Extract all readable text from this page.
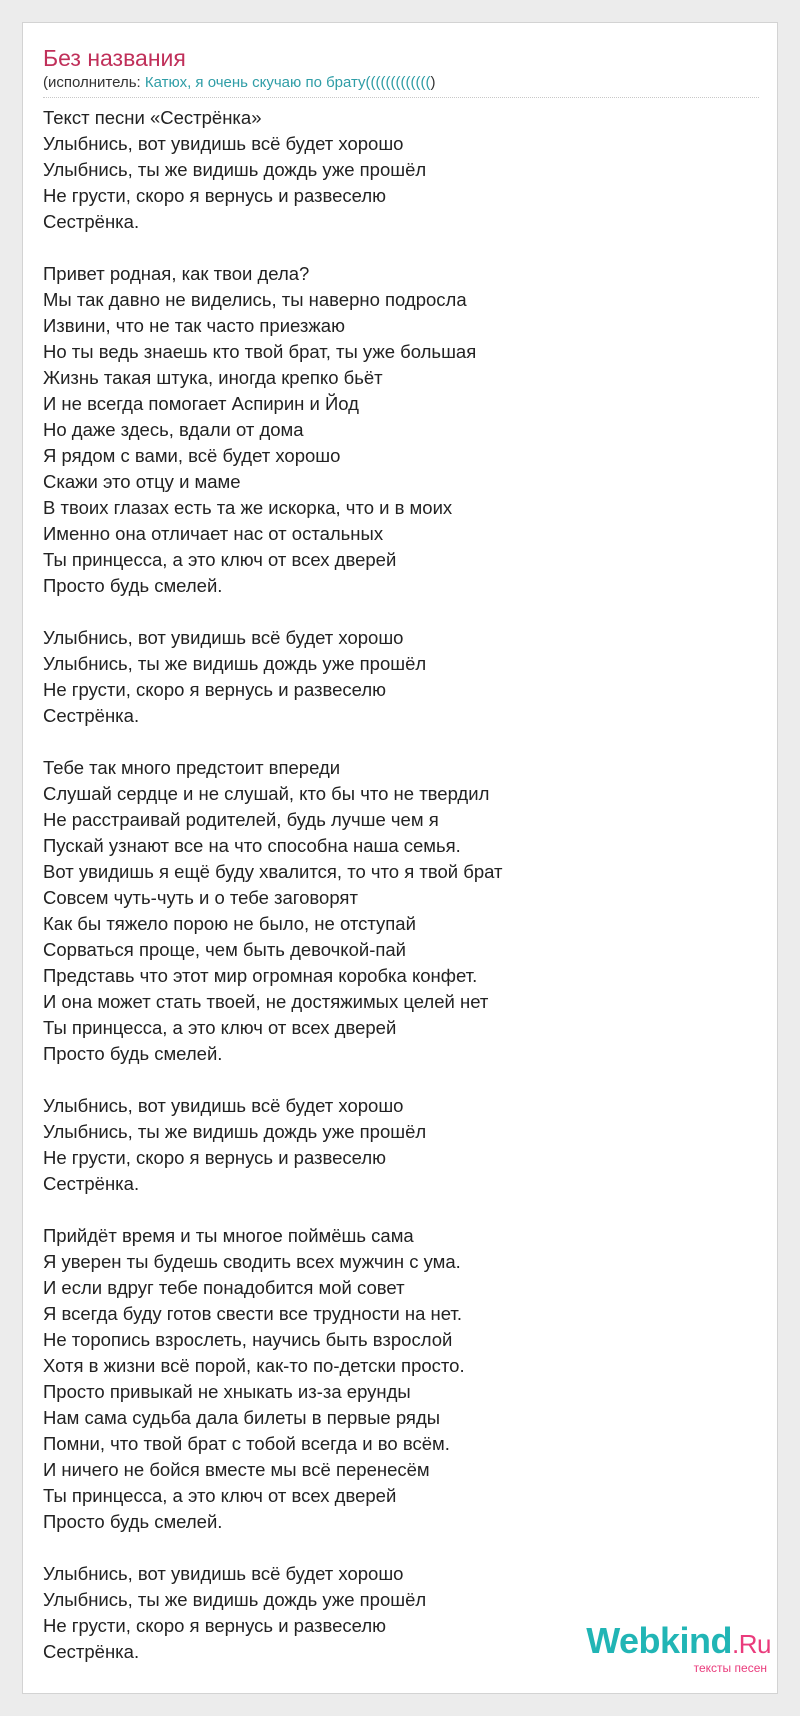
Без названия
(исполнитель: Катюх, я очень скучаю по брату((((((((((((()

Текст песни «Сестрёнка»
Улыбнись, вот увидишь всё будет хорошо
Улыбнись, ты же видишь дождь уже прошёл
Не грусти, скоро я вернусь и развеселю
Сестрёнка.

Привет родная, как твои дела?
Мы так давно не виделись, ты наверно подросла
Извини, что не так часто приезжаю
Но ты ведь знаешь кто твой брат, ты уже большая
Жизнь такая штука, иногда крепко бьёт
И не всегда помогает Аспирин и Йод
Но даже здесь, вдали от дома
Я рядом с вами, всё будет хорошо
Скажи это отцу и маме
В твоих глазах есть та же искорка, что и в моих
Именно она отличает нас от остальных
Ты принцесса, а это ключ от всех дверей
Просто будь смелей.

Улыбнись, вот увидишь всё будет хорошо
Улыбнись, ты же видишь дождь уже прошёл
Не грусти, скоро я вернусь и развеселю
Сестрёнка.

Тебе так много предстоит впереди
Слушай сердце и не слушай, кто бы что не твердил
Не расстраивай родителей, будь лучше чем я
Пускай узнают все на что способна наша семья.
Вот увидишь я ещё буду хвалится, то что я твой брат
Совсем чуть-чуть и о тебе заговорят
Как бы тяжело порою не было, не отступай
Сорваться проще, чем быть девочкой-пай
Представь что этот мир огромная коробка конфет.
И она может стать твоей, не достяжимых целей нет
Ты принцесса, а это ключ от всех дверей
Просто будь смелей.

Улыбнись, вот увидишь всё будет хорошо
Улыбнись, ты же видишь дождь уже прошёл
Не грусти, скоро я вернусь и развеселю
Сестрёнка.

Прийдёт время и ты многое поймёшь сама
Я уверен ты будешь сводить всех мужчин с ума.
И если вдруг тебе понадобится мой совет
Я всегда буду готов свести все трудности на нет.
Не торопись взрослеть, научись быть взрослой
Хотя в жизни всё порой, как-то по-детски просто.
Просто привыкай не хныкать из-за ерунды
Нам сама судьба дала билеты в первые ряды
Помни, что твой брат с тобой всегда и во всём.
И ничего не бойся вместе мы всё перенесём
Ты принцесса, а это ключ от всех дверей
Просто будь смелей.

Улыбнись, вот увидишь всё будет хорошо
Улыбнись, ты же видишь дождь уже прошёл
Не грусти, скоро я вернусь и развеселю
Сестрёнка.	Webkind.Ru
тексты песен
